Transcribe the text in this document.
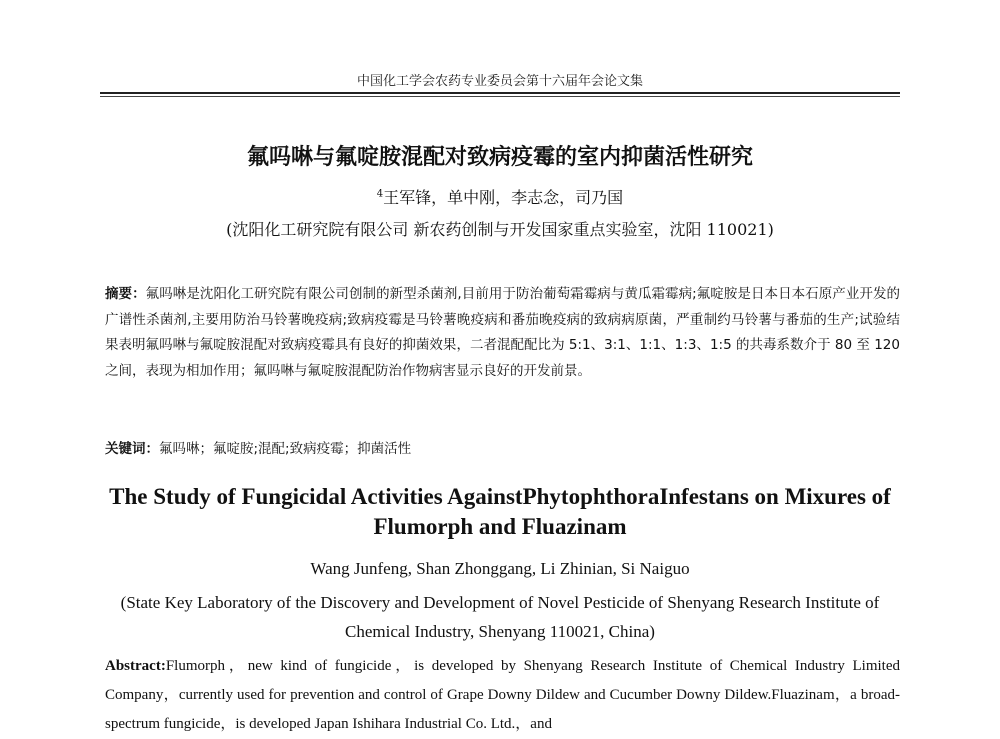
中国化工学会农药专业委员会第十六届年会论文集
氟吗啉与氟啶胺混配对致病疫霉的室内抑菌活性研究
$^4$王军锋，单中刚，李志念，司乃国
(沈阳化工研究院有限公司 新农药创制与开发国家重点实验室，沈阳 110021)
摘要：氟吗啉是沈阳化工研究院有限公司创制的新型杀菌剂,目前用于防治葡萄霜霉病与黄瓜霜霉病;氟啶胺是日本日本石原产业开发的广谱性杀菌剂,主要用防治马铃薯晚疫病;致病疫霉是马铃薯晚疫病和番茄晚疫病的致病病原菌，严重制约马铃薯与番茄的生产;试验结果表明氟吗啉与氟啶胺混配对致病疫霉具有良好的抑菌效果，二者混配配比为 5:1、3:1、1:1、1:3、1:5 的共毒系数介于 80 至 120 之间，表现为相加作用；氟吗啉与氟啶胺混配防治作物病害显示良好的开发前景。
关键词：氟吗啉；氟啶胺;混配;致病疫霉；抑菌活性
The Study of Fungicidal Activities AgainstPhytophthoraInfestans on Mixures of Flumorph and Fluazinam
Wang Junfeng, Shan Zhonggang, Li Zhinian, Si Naiguo
(State Key Laboratory of the Discovery and Development of Novel Pesticide of Shenyang Research Institute of Chemical Industry, Shenyang 110021, China)
Abstract:Flumorph，new kind of fungicide，is developed by Shenyang Research Institute of Chemical Industry Limited Company，currently used for prevention and control of Grape Downy Dildew and Cucumber Downy Dildew.Fluazinam，a broad-spectrum fungicide，is developed Japan Ishihara Industrial Co. Ltd.，and
